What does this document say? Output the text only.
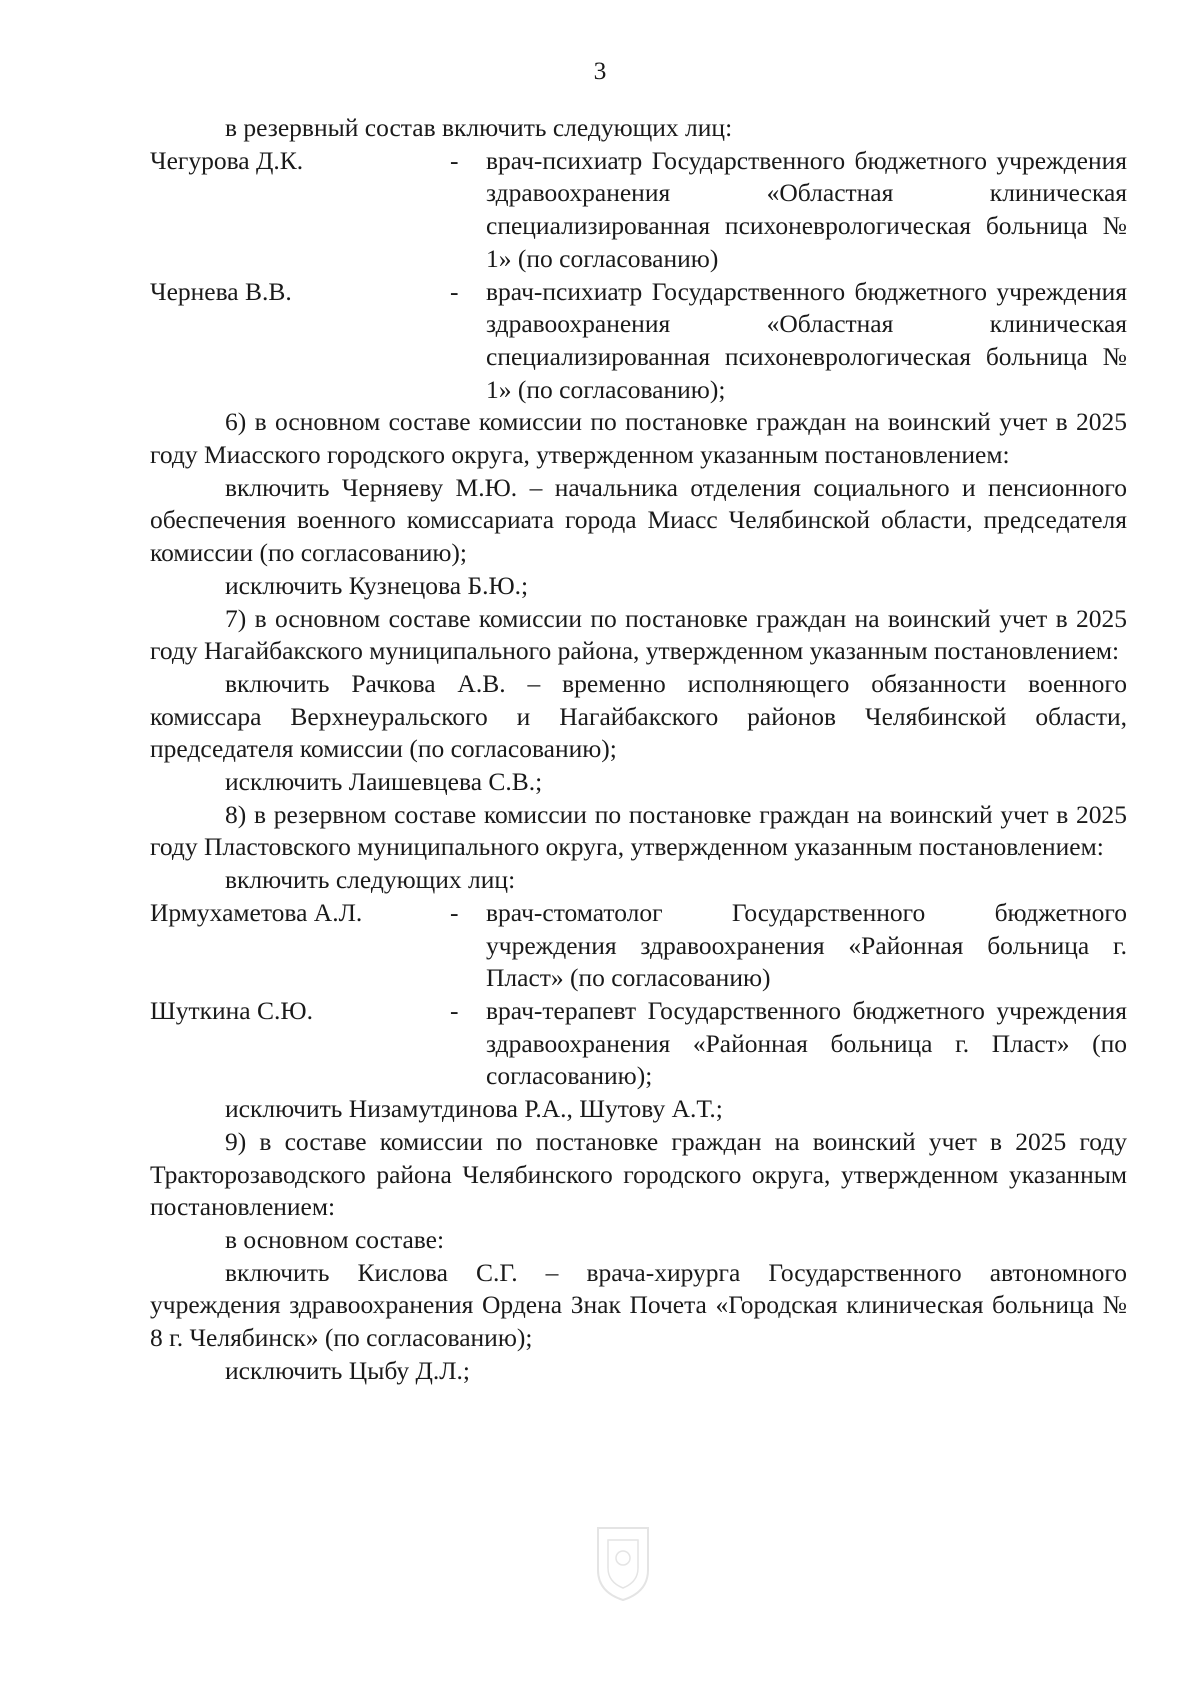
3

в резервный состав включить следующих лиц:

Чегурова Д.К.	-	врач-психиатр Государственного бюджетного учреждения здравоохранения «Областная клиническая специализированная психоневрологическая больница № 1» (по согласованию)
Чернева В.В.	-	врач-психиатр Государственного бюджетного учреждения здравоохранения «Областная клиническая специализированная психоневрологическая больница № 1» (по согласованию);

6) в основном составе комиссии по постановке граждан на воинский учет в 2025 году Миасского городского округа, утвержденном указанным постановлением:

включить Черняеву М.Ю. – начальника отделения социального и пенсионного обеспечения военного комиссариата города Миасс Челябинской области, председателя комиссии (по согласованию);

исключить Кузнецова Б.Ю.;

7) в основном составе комиссии по постановке граждан на воинский учет в 2025 году Нагайбакского муниципального района, утвержденном указанным постановлением:

включить Рачкова А.В. – временно исполняющего обязанности военного комиссара Верхнеуральского и Нагайбакского районов Челябинской области, председателя комиссии (по согласованию);

исключить Лаишевцева С.В.;

8) в резервном составе комиссии по постановке граждан на воинский учет в 2025 году Пластовского муниципального округа, утвержденном указанным постановлением:

включить следующих лиц:

Ирмухаметова А.Л.	-	врач-стоматолог Государственного бюджетного учреждения здравоохранения «Районная больница г. Пласт» (по согласованию)
Шуткина С.Ю.	-	врач-терапевт Государственного бюджетного учреждения здравоохранения «Районная больница г. Пласт» (по согласованию);

исключить Низамутдинова Р.А., Шутову А.Т.;

9) в составе комиссии по постановке граждан на воинский учет в 2025 году Тракторозаводского района Челябинского городского округа, утвержденном указанным постановлением:

в основном составе:

включить Кислова С.Г. – врача-хирурга Государственного автономного учреждения здравоохранения Ордена Знак Почета «Городская клиническая больница № 8 г. Челябинск» (по согласованию);

исключить Цыбу Д.Л.;
